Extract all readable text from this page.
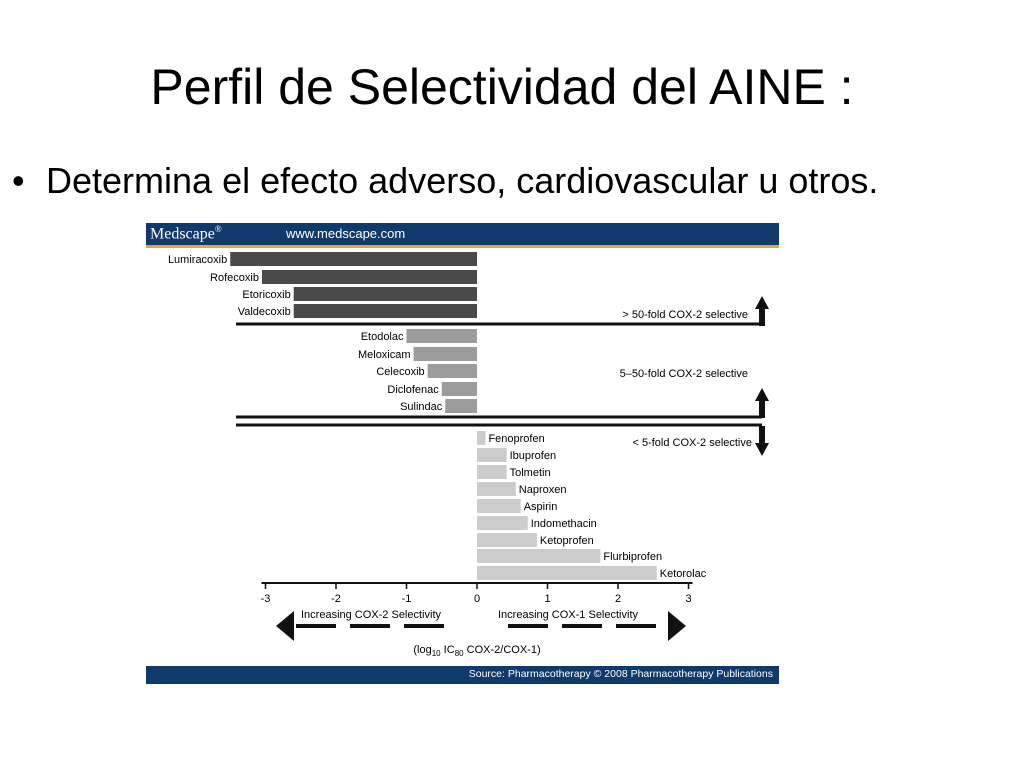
Perfil de Selectividad del AINE :
• Determina el efecto adverso, cardiovascular u otros.
Medscape®	www.medscape.com
Lumiracoxib
Rofecoxib
Etoricoxib
Valdecoxib
Etodolac
Meloxicam
Celecoxib
Diclofenac
Sulindac
Fenoprofen
Ibuprofen
Tolmetin
Naproxen
Aspirin
Indomethacin
Ketoprofen
Flurbiprofen
Ketorolac
> 50-fold COX-2 selective
5–50-fold COX-2 selective
< 5-fold COX-2 selective
-3	-2	-1	0	1	2	3
Increasing COX-2 Selectivity	Increasing COX-1 Selectivity
($\log_{10}$ $IC_{80}$ COX-2/COX-1)
Source: Pharmacotherapy © 2008 Pharmacotherapy Publications
